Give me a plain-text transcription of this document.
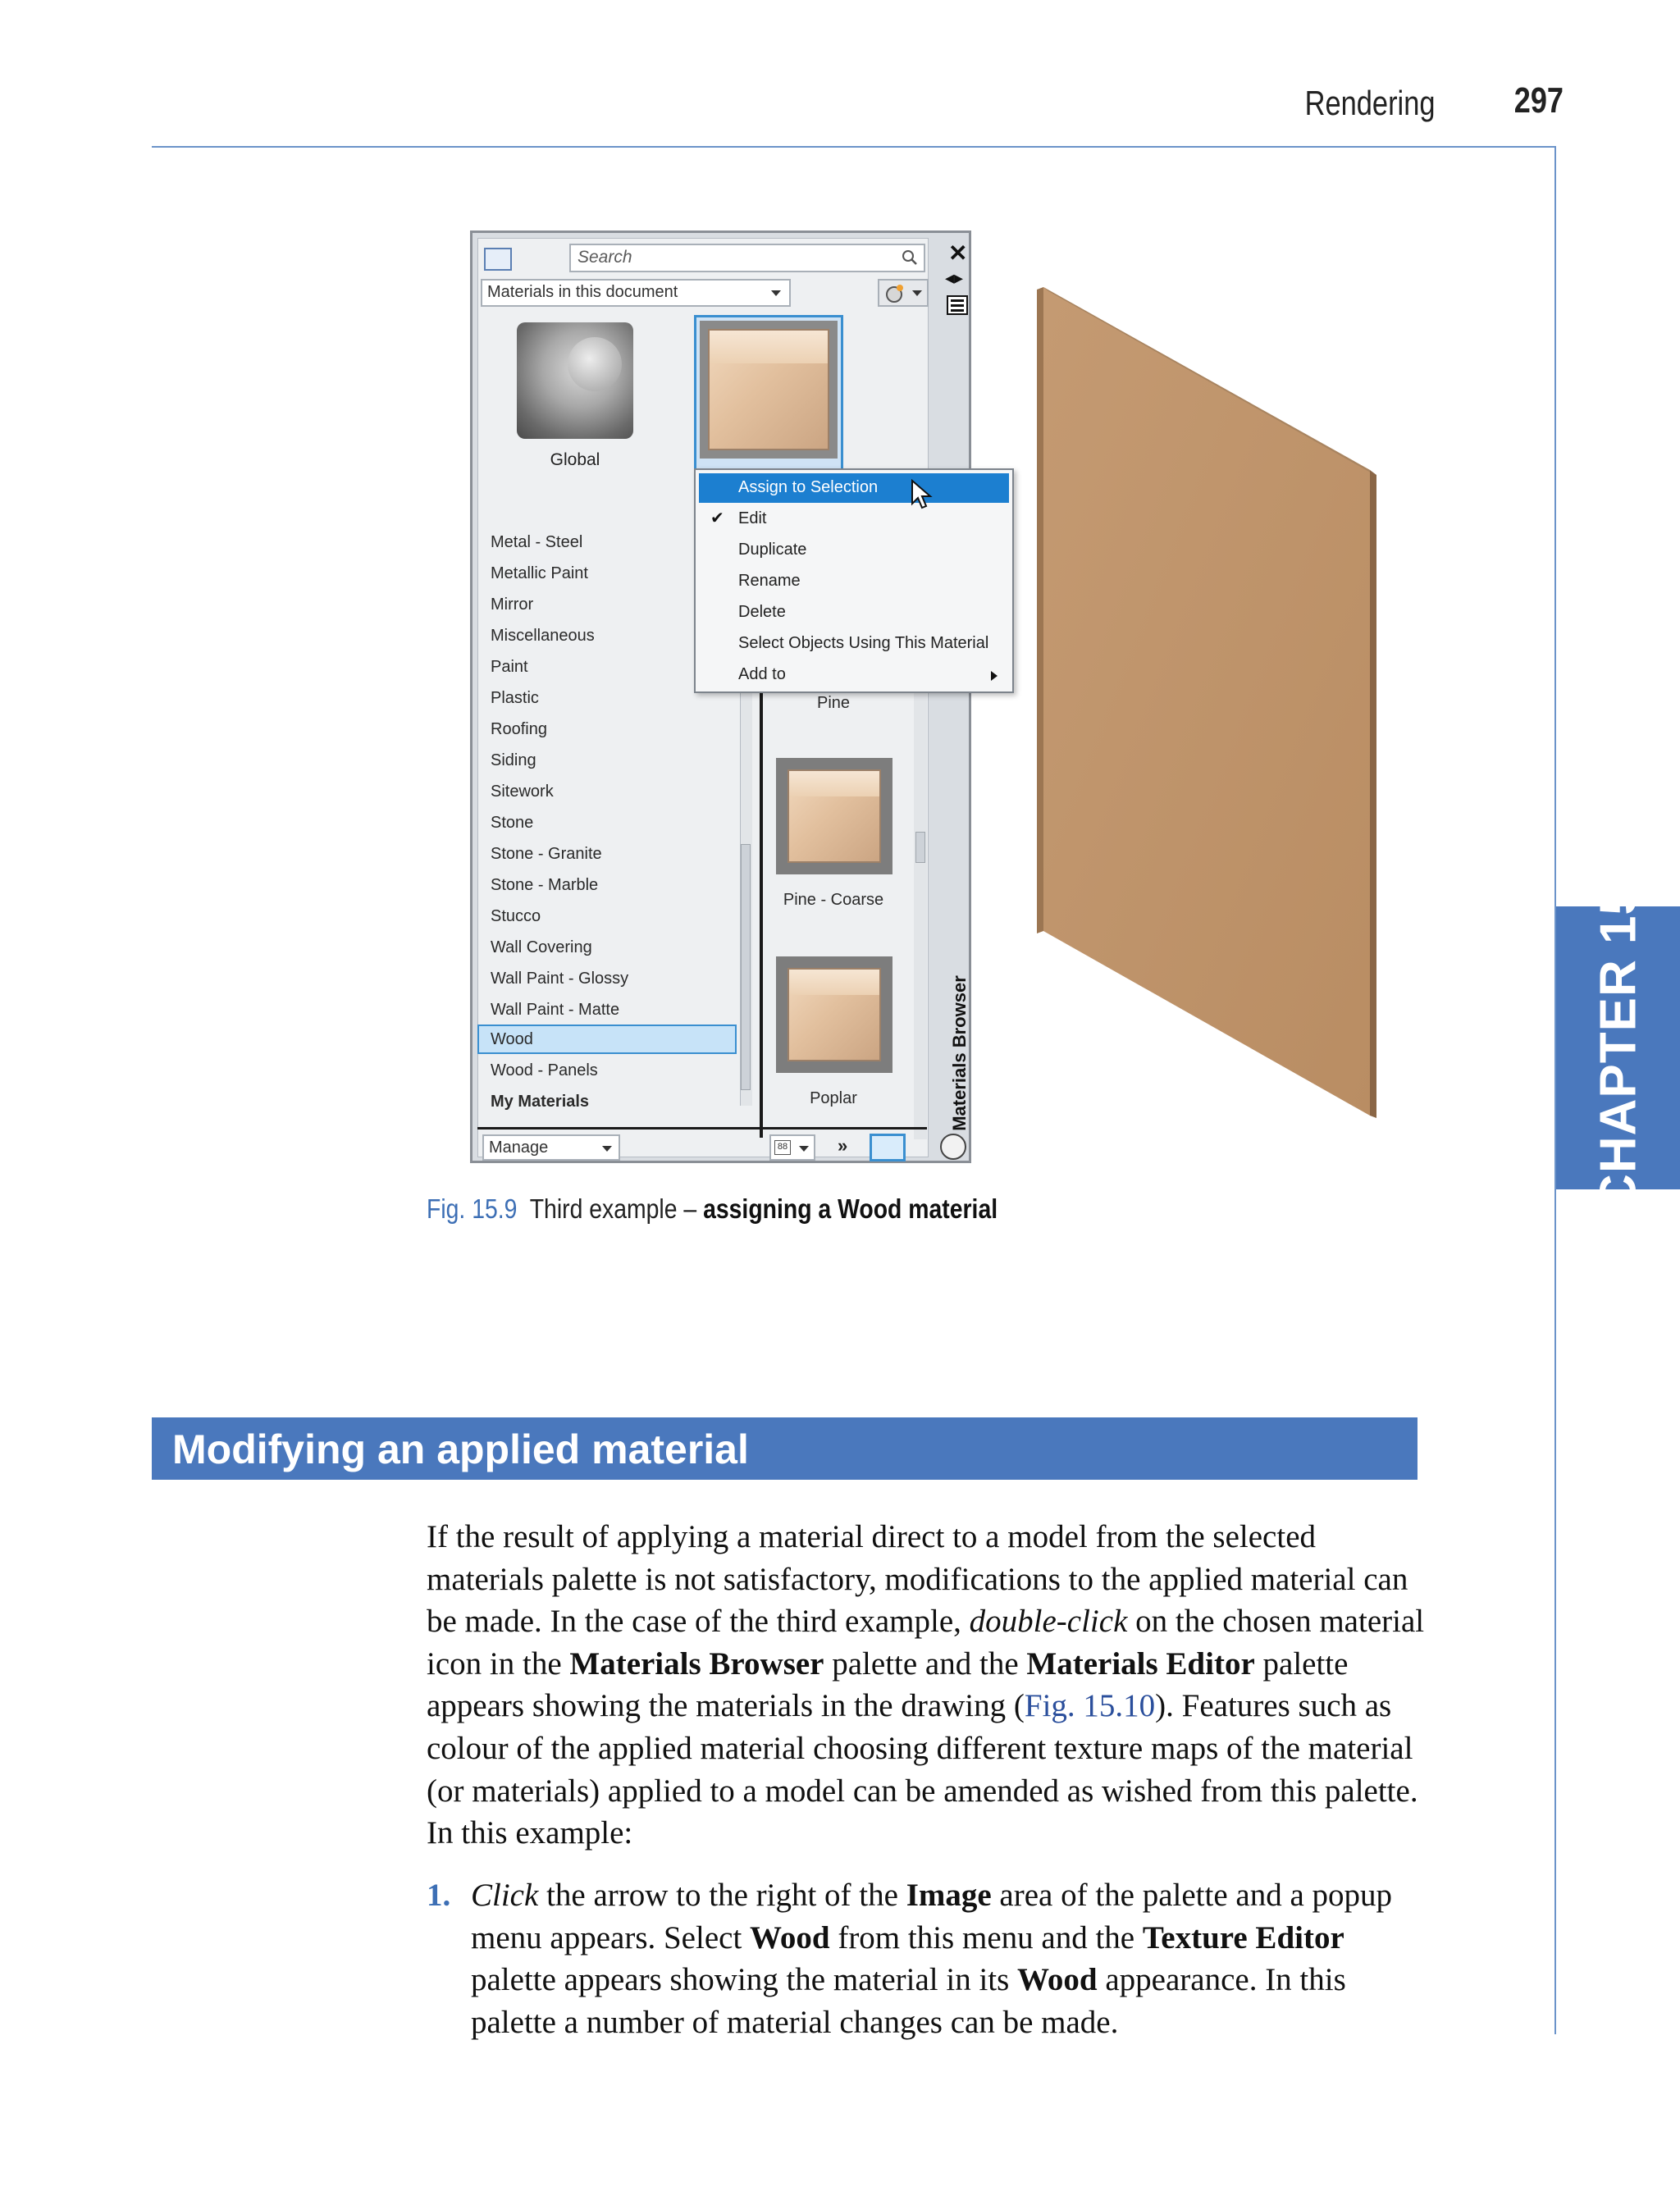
Rendering 297
CHAPTER 15
Search
Materials in this document
✕
◂▸
Global
Metal - Steel
Metallic Paint
Mirror
Miscellaneous
Paint
Plastic
Roofing
Siding
Sitework
Stone
Stone - Granite
Stone - Marble
Stucco
Wall Covering
Wall Paint - Glossy
Wall Paint - Matte
Wood
Wood - Panels
My Materials
Pine
Pine - Coarse
Poplar
Manage	88	»
Materials Browser
Assign to Selection
✔ Edit
Duplicate
Rename
Delete
Select Objects Using This Material
Add to
Fig. 15.9 Third example – assigning a Wood material
Modifying an applied material
If the result of applying a material direct to a model from the selected materials palette is not satisfactory, modifications to the applied material can be made. In the case of the third example, double-click on the chosen material icon in the Materials Browser palette and the Materials Editor palette appears showing the materials in the drawing (Fig. 15.10). Features such as colour of the applied material choosing different texture maps of the material (or materials) applied to a model can be amended as wished from this palette. In this example:
1. Click the arrow to the right of the Image area of the palette and a popup menu appears. Select Wood from this menu and the Texture Editor palette appears showing the material in its Wood appearance. In this palette a number of material changes can be made.
